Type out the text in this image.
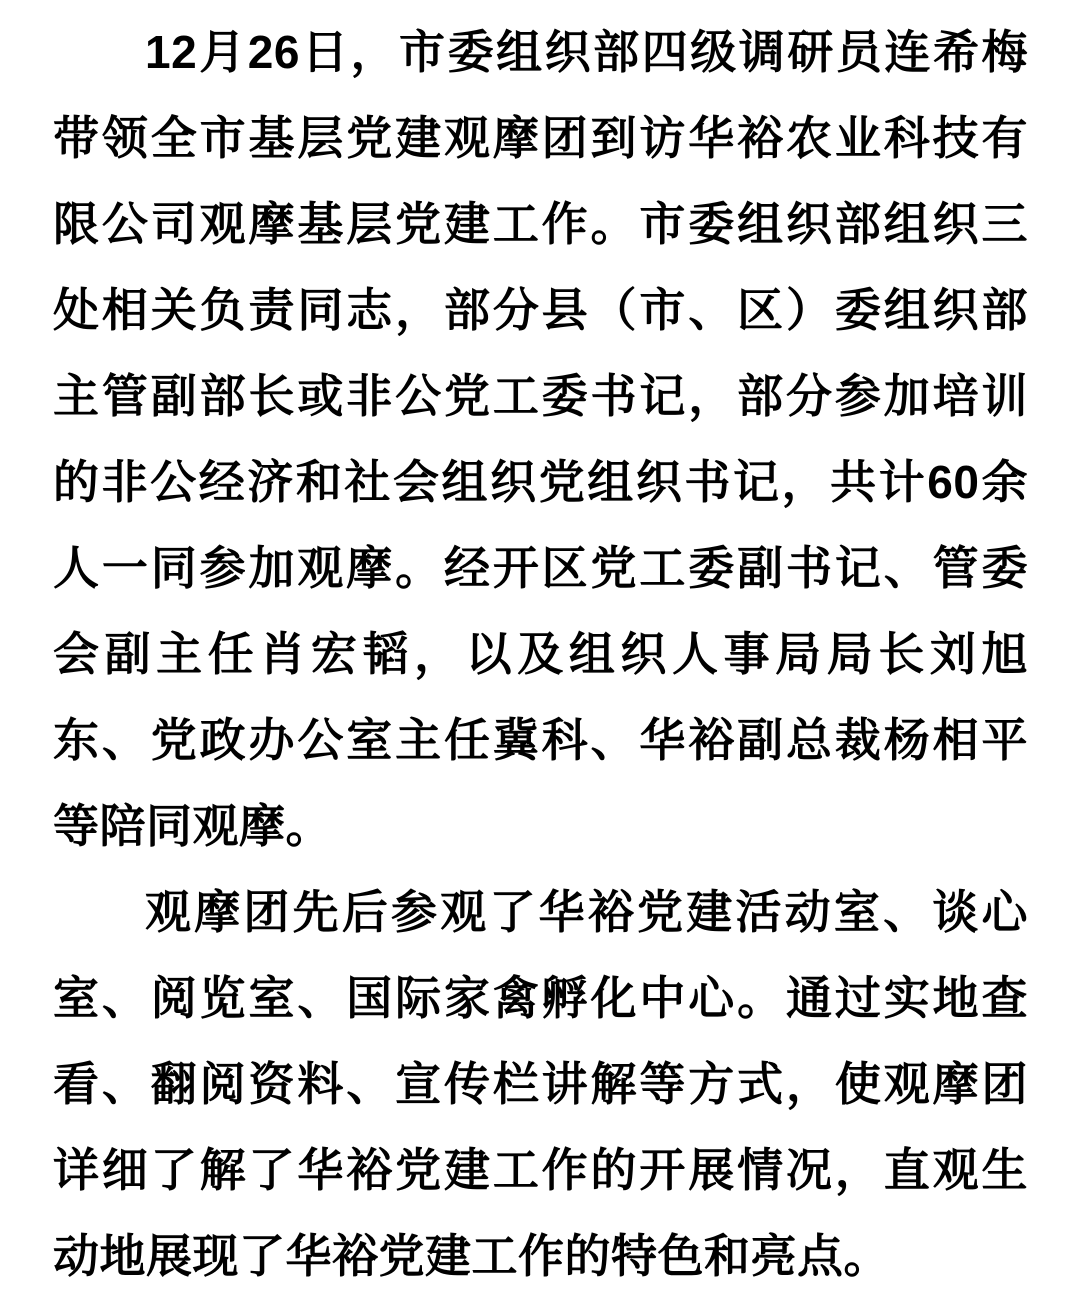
12月26日，市委组织部四级调研员连希梅带领全市基层党建观摩团到访华裕农业科技有限公司观摩基层党建工作。市委组织部组织三处相关负责同志，部分县（市、区）委组织部主管副部长或非公党工委书记，部分参加培训的非公经济和社会组织党组织书记，共计60余人一同参加观摩。经开区党工委副书记、管委会副主任肖宏韬，以及组织人事局局长刘旭东、党政办公室主任冀科、华裕副总裁杨相平等陪同观摩。

观摩团先后参观了华裕党建活动室、谈心室、阅览室、国际家禽孵化中心。通过实地查看、翻阅资料、宣传栏讲解等方式，使观摩团详细了解了华裕党建工作的开展情况，直观生动地展现了华裕党建工作的特色和亮点。
